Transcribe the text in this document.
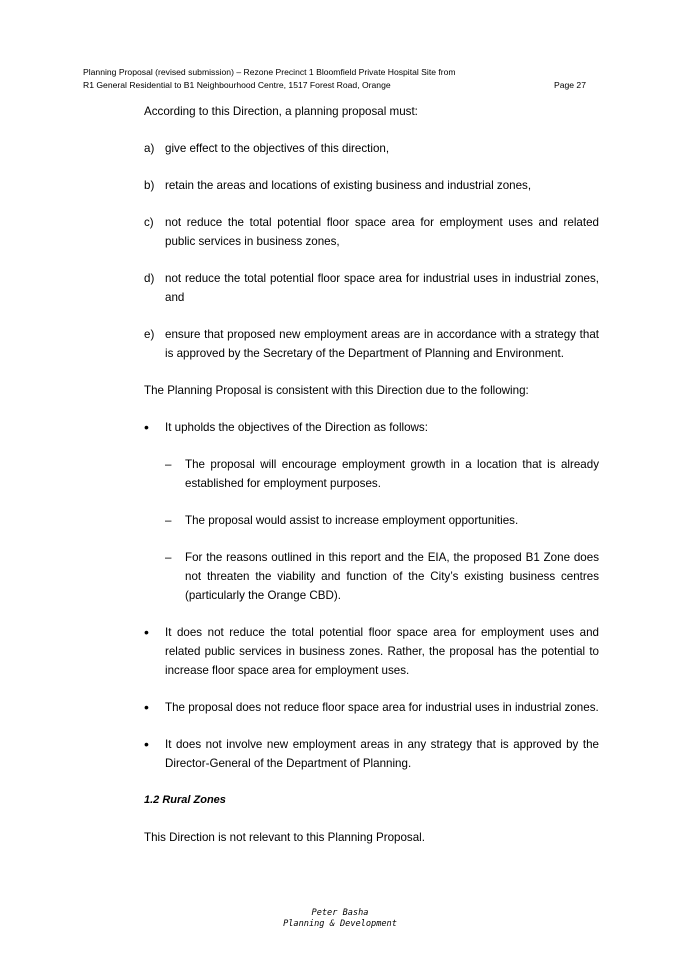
Planning Proposal (revised submission) – Rezone Precinct 1 Bloomfield Private Hospital Site from
R1 General Residential to B1 Neighbourhood Centre, 1517 Forest Road, Orange	Page 27

According to this Direction, a planning proposal must:

a) give effect to the objectives of this direction,
b) retain the areas and locations of existing business and industrial zones,
c) not reduce the total potential floor space area for employment uses and related public services in business zones,
d) not reduce the total potential floor space area for industrial uses in industrial zones, and
e) ensure that proposed new employment areas are in accordance with a strategy that is approved by the Secretary of the Department of Planning and Environment.

The Planning Proposal is consistent with this Direction due to the following:

• It upholds the objectives of the Direction as follows:
– The proposal will encourage employment growth in a location that is already established for employment purposes.
– The proposal would assist to increase employment opportunities.
– For the reasons outlined in this report and the EIA, the proposed B1 Zone does not threaten the viability and function of the City’s existing business centres (particularly the Orange CBD).
• It does not reduce the total potential floor space area for employment uses and related public services in business zones. Rather, the proposal has the potential to increase floor space area for employment uses.
• The proposal does not reduce floor space area for industrial uses in industrial zones.
• It does not involve new employment areas in any strategy that is approved by the Director-General of the Department of Planning.

1.2 Rural Zones

This Direction is not relevant to this Planning Proposal.

Peter Basha
Planning & Development
